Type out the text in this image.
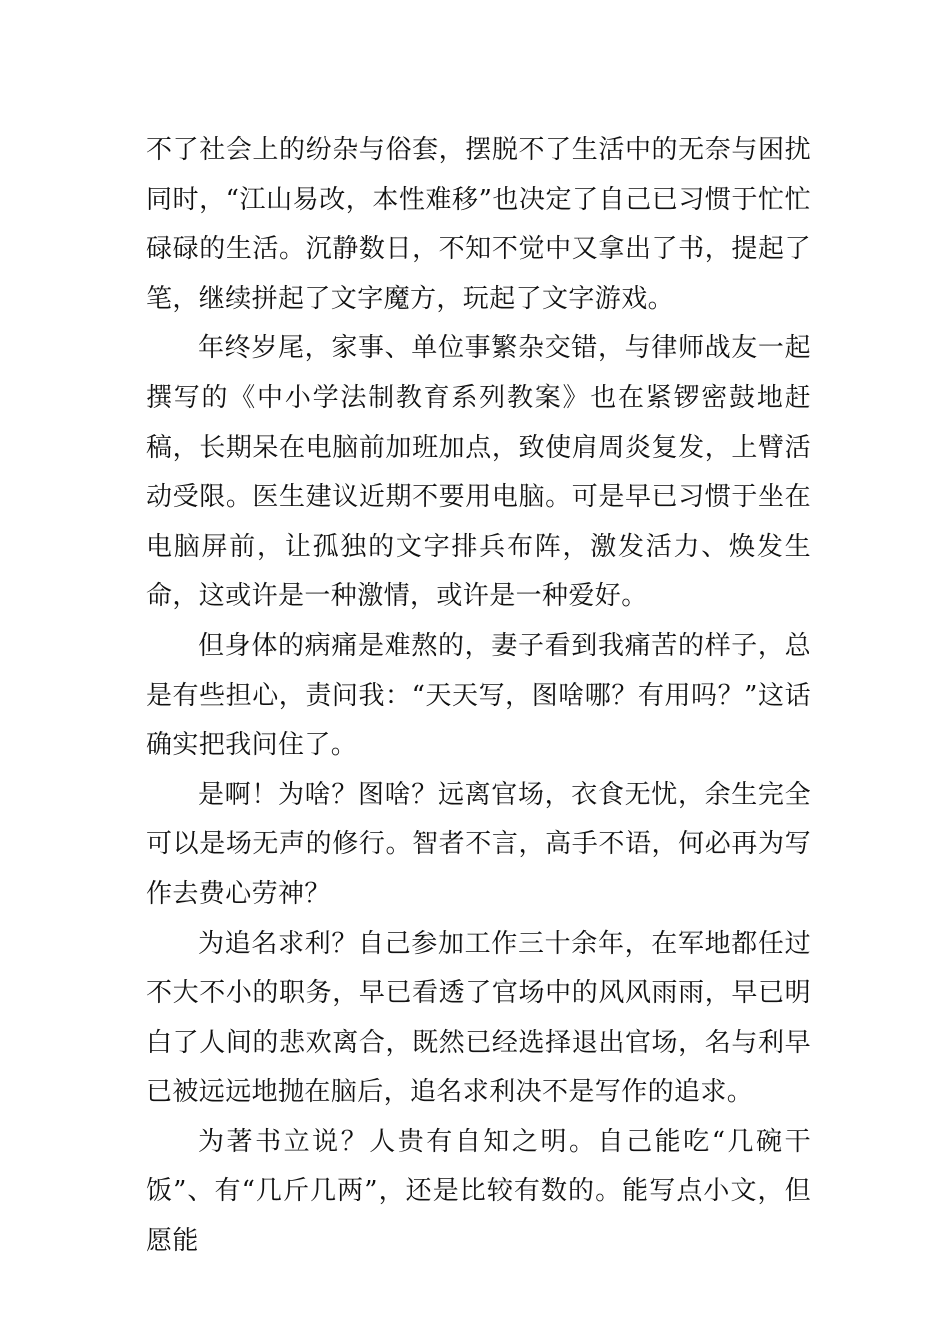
不了社会上的纷杂与俗套，摆脱不了生活中的无奈与困扰同时，“江山易改，本性难移”也决定了自己已习惯于忙忙碌碌的生活。沉静数日，不知不觉中又拿出了书，提起了笔，继续拼起了文字魔方，玩起了文字游戏。

年终岁尾，家事、单位事繁杂交错，与律师战友一起撰写的《中小学法制教育系列教案》也在紧锣密鼓地赶稿，长期呆在电脑前加班加点，致使肩周炎复发，上臂活动受限。医生建议近期不要用电脑。可是早已习惯于坐在电脑屏前，让孤独的文字排兵布阵，激发活力、焕发生命，这或许是一种激情，或许是一种爱好。

但身体的病痛是难熬的，妻子看到我痛苦的样子，总是有些担心，责问我：“天天写，图啥哪？有用吗？”这话确实把我问住了。

是啊！为啥？图啥？远离官场，衣食无忧，余生完全可以是场无声的修行。智者不言，高手不语，何必再为写作去费心劳神？

为追名求利？自己参加工作三十余年，在军地都任过不大不小的职务，早已看透了官场中的风风雨雨，早已明白了人间的悲欢离合，既然已经选择退出官场，名与利早已被远远地抛在脑后，追名求利决不是写作的追求。

为著书立说？人贵有自知之明。自己能吃“几碗干饭”、有“几斤几两”，还是比较有数的。能写点小文，但愿能
